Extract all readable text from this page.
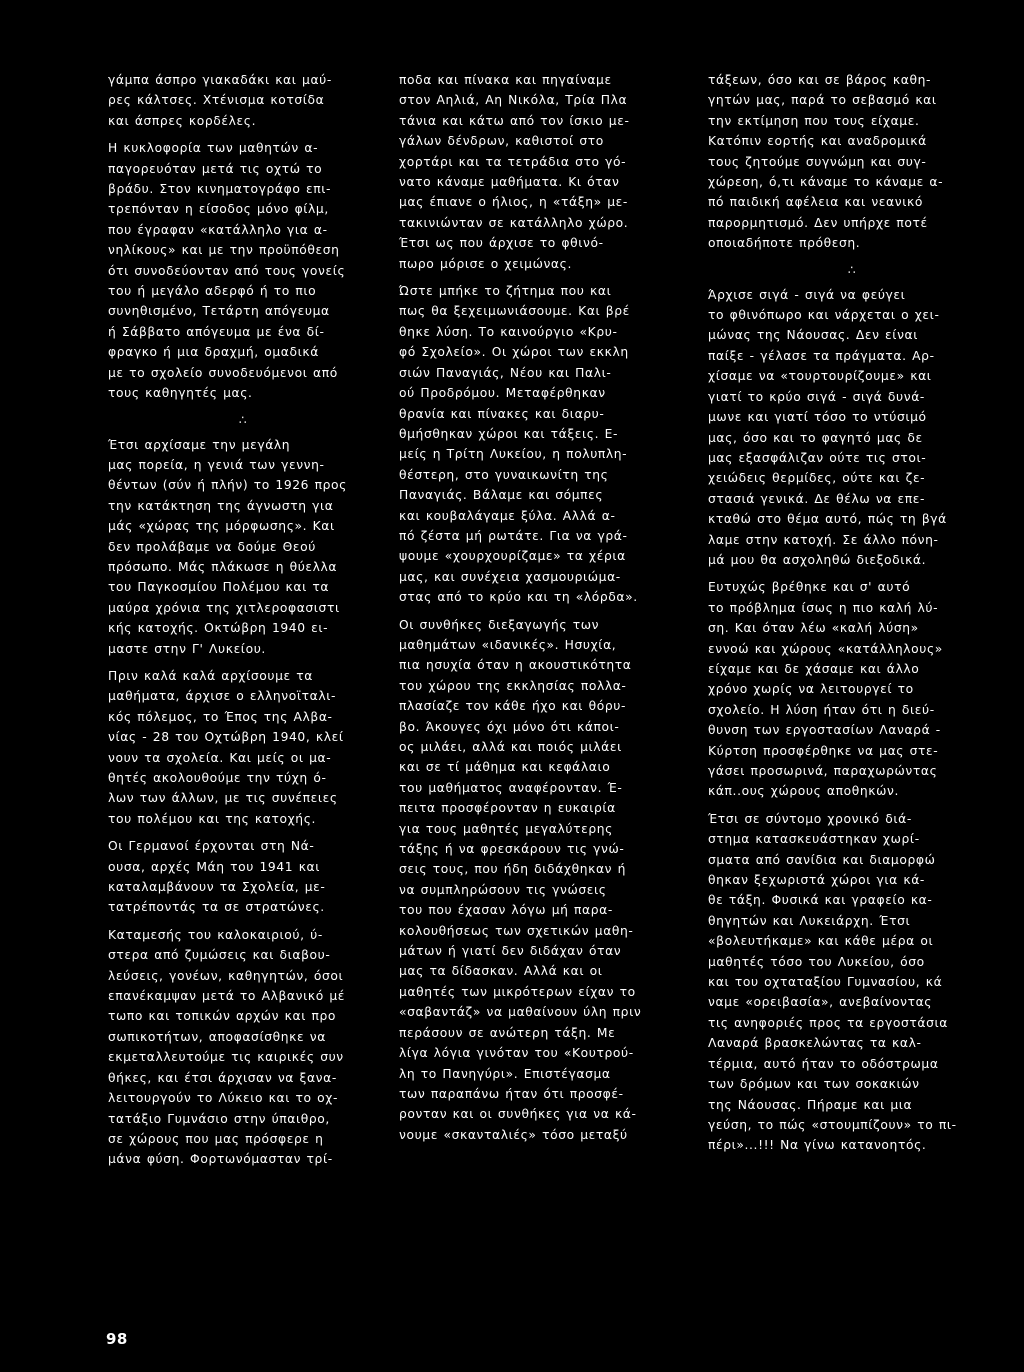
γάμπα άσπρο γιακαδάκι και μαύ-
ρες κάλτσες. Χτένισμα κοτσίδα
και άσπρες κορδέλες.

Η κυκλοφορία των μαθητών α-
παγορευόταν μετά τις οχτώ το
βράδυ. Στον κινηματογράφο επι-
τρεπόνταν η είσοδος μόνο φίλμ,
που έγραφαν «κατάλληλο για α-
νηλίκους» και με την προϋπόθεση
ότι συνοδεύονταν από τους γονείς
του ή μεγάλο αδερφό ή το πιο
συνηθισμένο, Τετάρτη απόγευμα
ή Σάββατο απόγευμα με ένα δί-
φραγκο ή μια δραχμή, ομαδικά
με το σχολείο συνοδευόμενοι από
τους καθηγητές μας.

∴

Έτσι αρχίσαμε την μεγάλη
μας πορεία, η γενιά των γεννη-
θέντων (σύν ή πλήν) το 1926 προς
την κατάκτηση της άγνωστη για
μάς «χώρας της μόρφωσης». Και
δεν προλάβαμε να δούμε Θεού
πρόσωπο. Μάς πλάκωσε η θύελλα
του Παγκοσμίου Πολέμου και τα
μαύρα χρόνια της χιτλεροφασιστι
κής κατοχής. Οκτώβρη 1940 ει-
μαστε στην Γ' Λυκείου.

Πριν καλά καλά αρχίσουμε τα
μαθήματα, άρχισε ο ελληνοϊταλι-
κός πόλεμος, το Έπος της Αλβα-
νίας - 28 του Οχτώβρη 1940, κλεί
νουν τα σχολεία. Και μείς οι μα-
θητές ακολουθούμε την τύχη ό-
λων των άλλων, με τις συνέπειες
του πολέμου και της κατοχής.

Οι Γερμανοί έρχονται στη Νά-
ουσα, αρχές Μάη του 1941 και
καταλαμβάνουν τα Σχολεία, με-
τατρέποντάς τα σε στρατώνες.

Καταμεσής του καλοκαιριού, ύ-
στερα από ζυμώσεις και διαβου-
λεύσεις, γονέων, καθηγητών, όσοι
επανέκαμψαν μετά το Αλβανικό μέ
τωπο και τοπικών αρχών και προ
σωπικοτήτων, αποφασίσθηκε να
εκμεταλλευτούμε τις καιρικές συν
θήκες, και έτσι άρχισαν να ξανα-
λειτουργούν το Λύκειο και το οχ-
τατάξιο Γυμνάσιο στην ύπαιθρο,
σε χώρους που μας πρόσφερε η
μάνα φύση. Φορτωνόμασταν τρί-

ποδα και πίνακα και πηγαίναμε
στον Αηλιά, Αη Νικόλα, Τρία Πλα
τάνια και κάτω από τον ίσκιο με-
γάλων δένδρων, καθιστοί στο
χορτάρι και τα τετράδια στο γό-
νατο κάναμε μαθήματα. Κι όταν
μας έπιανε ο ήλιος, η «τάξη» με-
τακινιώνταν σε κατάλληλο χώρο.
Έτσι ως που άρχισε το φθινό-
πωρο μόρισε ο χειμώνας.

Ώστε μπήκε το ζήτημα που και
πως θα ξεχειμωνιάσουμε. Και βρέ
θηκε λύση. Το καινούργιο «Κρυ-
φό Σχολείο». Οι χώροι των εκκλη
σιών Παναγιάς, Νέου και Παλι-
ού Προδρόμου. Μεταφέρθηκαν
θρανία και πίνακες και διαρυ-
θμήσθηκαν χώροι και τάξεις. Ε-
μείς η Τρίτη Λυκείου, η πολυπλη-
θέστερη, στο γυναικωνίτη της
Παναγιάς. Βάλαμε και σόμπες
και κουβαλάγαμε ξύλα. Αλλά α-
πό ζέστα μή ρωτάτε. Για να γρά-
ψουμε «χουρχουρίζαμε» τα χέρια
μας, και συνέχεια χασμουριώμα-
στας από το κρύο και τη «λόρδα».

Οι συνθήκες διεξαγωγής των
μαθημάτων «ιδανικές». Ησυχία,
πια ησυχία όταν η ακουστικότητα
του χώρου της εκκλησίας πολλα-
πλασίαζε τον κάθε ήχο και θόρυ-
βο. Άκουγες όχι μόνο ότι κάποι-
ος μιλάει, αλλά και ποιός μιλάει
και σε τί μάθημα και κεφάλαιο
του μαθήματος αναφέρονταν. Έ-
πειτα προσφέρονταν η ευκαιρία
για τους μαθητές μεγαλύτερης
τάξης ή να φρεσκάρουν τις γνώ-
σεις τους, που ήδη διδάχθηκαν ή
να συμπληρώσουν τις γνώσεις
του που έχασαν λόγω μή παρα-
κολουθήσεως των σχετικών μαθη-
μάτων ή γιατί δεν διδάχαν όταν
μας τα δίδασκαν. Αλλά και οι
μαθητές των μικρότερων είχαν το
«σαβαντάζ» να μαθαίνουν ύλη πριν
περάσουν σε ανώτερη τάξη. Με
λίγα λόγια γινόταν του «Κουτρού-
λη το Πανηγύρι». Επιστέγασμα
των παραπάνω ήταν ότι προσφέ-
ρονταν και οι συνθήκες για να κά-
νουμε «σκανταλιές» τόσο μεταξύ

τάξεων, όσο και σε βάρος καθη-
γητών μας, παρά το σεβασμό και
την εκτίμηση που τους είχαμε.
Κατόπιν εορτής και αναδρομικά
τους ζητούμε συγνώμη και συγ-
χώρεση, ό,τι κάναμε το κάναμε α-
πό παιδική αφέλεια και νεανικό
παρορμητισμό. Δεν υπήρχε ποτέ
οποιαδήποτε πρόθεση.

∴

Άρχισε σιγά - σιγά να φεύγει
το φθινόπωρο και νάρχεται ο χει-
μώνας της Νάουσας. Δεν είναι
παίξε - γέλασε τα πράγματα. Αρ-
χίσαμε να «τουρτουρίζουμε» και
γιατί το κρύο σιγά - σιγά δυνά-
μωνε και γιατί τόσο το ντύσιμό
μας, όσο και το φαγητό μας δε
μας εξασφάλιζαν ούτε τις στοι-
χειώδεις θερμίδες, ούτε και ζε-
στασιά γενικά. Δε θέλω να επε-
κταθώ στο θέμα αυτό, πώς τη βγά
λαμε στην κατοχή. Σε άλλο πόνη-
μά μου θα ασχοληθώ διεξοδικά.

Ευτυχώς βρέθηκε και σ' αυτό
το πρόβλημα ίσως η πιο καλή λύ-
ση. Και όταν λέω «καλή λύση»
εννοώ και χώρους «κατάλληλους»
είχαμε και δε χάσαμε και άλλο
χρόνο χωρίς να λειτουργεί το
σχολείο. Η λύση ήταν ότι η διεύ-
θυνση των εργοστασίων Λαναρά -
Κύρτση προσφέρθηκε να μας στε-
γάσει προσωρινά, παραχωρώντας
κάπ..ους χώρους αποθηκών.

Έτσι σε σύντομο χρονικό διά-
στημα κατασκευάστηκαν χωρί-
σματα από σανίδια και διαμορφώ
θηκαν ξεχωριστά χώροι για κά-
θε τάξη. Φυσικά και γραφείο κα-
θηγητών και Λυκειάρχη. Έτσι
«βολευτήκαμε» και κάθε μέρα οι
μαθητές τόσο του Λυκείου, όσο
και του οχταταξίου Γυμνασίου, κά
ναμε «ορειβασία», ανεβαίνοντας
τις ανηφοριές προς τα εργοστάσια
Λαναρά βρασκελώντας τα καλ-
τέρμια, αυτό ήταν το οδόστρωμα
των δρόμων και των σοκακιών
της Νάουσας. Πήραμε και μια
γεύση, το πώς «στουμπίζουν» το πι-
πέρι»...!!! Να γίνω κατανοητός.

98
